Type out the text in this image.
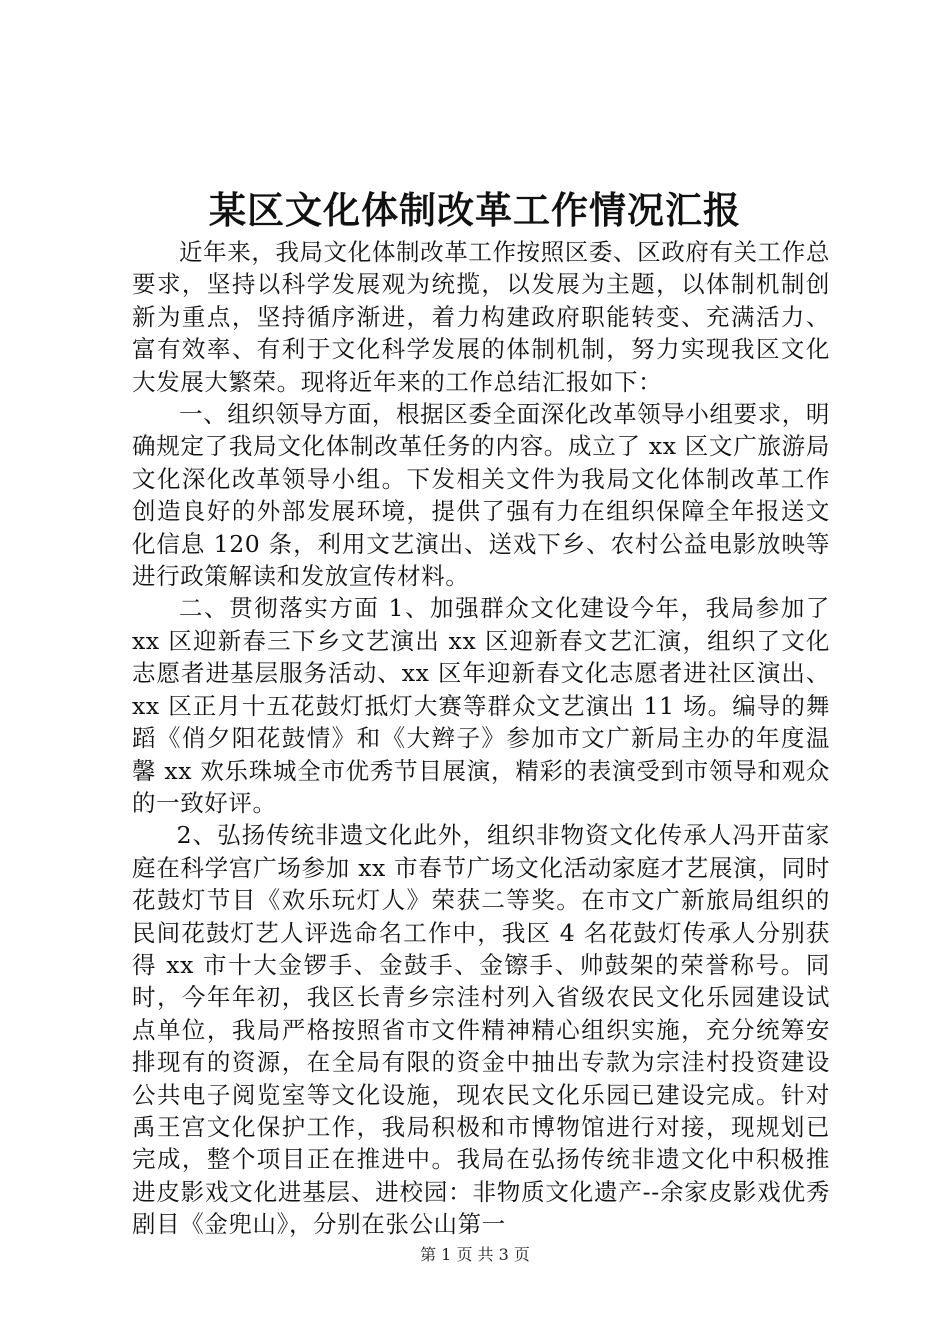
某区文化体制改革工作情况汇报

近年来，我局文化体制改革工作按照区委、区政府有关工作总要求，坚持以科学发展观为统揽，以发展为主题，以体制机制创新为重点，坚持循序渐进，着力构建政府职能转变、充满活力、富有效率、有利于文化科学发展的体制机制，努力实现我区文化大发展大繁荣。现将近年来的工作总结汇报如下：

一、组织领导方面，根据区委全面深化改革领导小组要求，明确规定了我局文化体制改革任务的内容。成立了 xx 区文广旅游局文化深化改革领导小组。下发相关文件为我局文化体制改革工作创造良好的外部发展环境，提供了强有力在组织保障全年报送文化信息 120 条，利用文艺演出、送戏下乡、农村公益电影放映等进行政策解读和发放宣传材料。

二、贯彻落实方面 1、加强群众文化建设今年，我局参加了 xx 区迎新春三下乡文艺演出 xx 区迎新春文艺汇演，组织了文化志愿者进基层服务活动、xx 区年迎新春文化志愿者进社区演出、xx 区正月十五花鼓灯抵灯大赛等群众文艺演出 11 场。编导的舞蹈《俏夕阳花鼓情》和《大辫子》参加市文广新局主办的年度温馨 xx 欢乐珠城全市优秀节目展演，精彩的表演受到市领导和观众的一致好评。

2、弘扬传统非遗文化此外，组织非物资文化传承人冯开苗家庭在科学宫广场参加 xx 市春节广场文化活动家庭才艺展演，同时花鼓灯节目《欢乐玩灯人》荣获二等奖。在市文广新旅局组织的民间花鼓灯艺人评选命名工作中，我区 4 名花鼓灯传承人分别获得 xx 市十大金锣手、金鼓手、金镲手、帅鼓架的荣誉称号。同时，今年年初，我区长青乡宗洼村列入省级农民文化乐园建设试点单位，我局严格按照省市文件精神精心组织实施，充分统筹安排现有的资源，在全局有限的资金中抽出专款为宗洼村投资建设公共电子阅览室等文化设施，现农民文化乐园已建设完成。针对禹王宫文化保护工作，我局积极和市博物馆进行对接，现规划已完成，整个项目正在推进中。我局在弘扬传统非遗文化中积极推进皮影戏文化进基层、进校园：非物质文化遗产--余家皮影戏优秀剧目《金兜山》，分别在张公山第一

第 1 页 共 3 页
